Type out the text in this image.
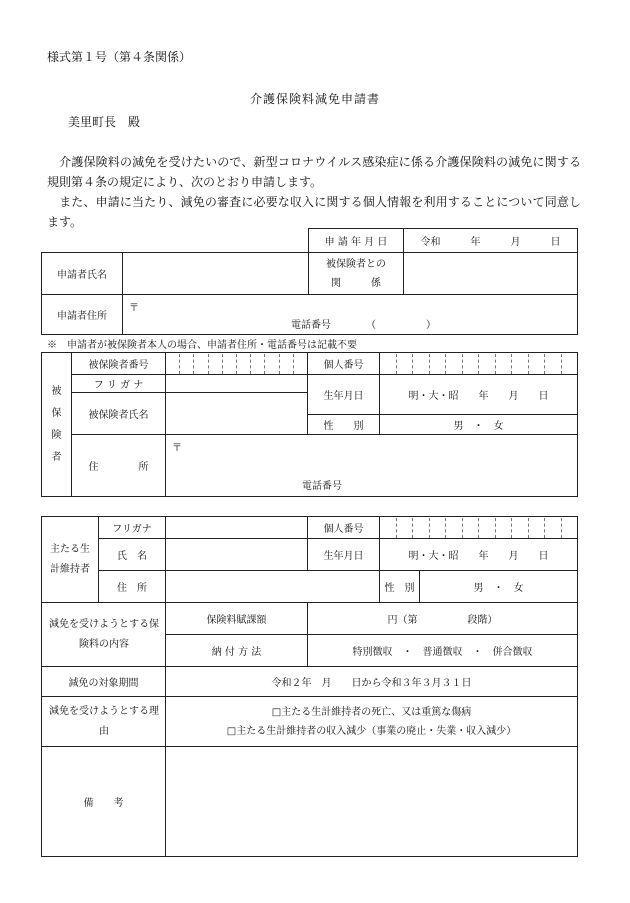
様式第１号（第４条関係）
介護保険料減免申請書
美里町長　殿
介護保険料の減免を受けたいので、新型コロナウイルス感染症に係る介護保険料の減免に関する規則第４条の規定により、次のとおり申請します。
また、申請に当たり、減免の審査に必要な収入に関する個人情報を利用することについて同意します。
		申 請 年 月 日	令和　　　年　　　月　　　日
申請者氏名		被保険者との
関　　　係	
申請者住所	〒
電話番号　　　　（　　　　　）		
※　申請者が被保険者本人の場合、申請者住所・電話番号は記載不要
被保険者	被保険者番号		個人番号	

	フ リ ガ ナ		生年月日	明・大・昭　　年　　月　　日
	被保険者氏名			
			性　　別	男　・　女
	住　　　　所	〒
電話番号		
主たる生計維持者	フリガナ		個人番号		

	氏　名		生年月日	明・大・昭　　年　　月　　日	
	住　所			性　別	男　・　女
減免を受けようとする保険料の内容		保険料賦課額	円（第　　　　　段階）		
		納 付 方 法	特別徴収　・　普通徴収　・　併合徴収		
減免の対象期間		令和２年　月　　日から令和３年３月３１日			
減免を受けようとする理由		□主たる生計維持者の死亡、又は重篤な傷病
□主たる生計維持者の収入減少（事業の廃止・失業・収入減少）			

備　　考					
